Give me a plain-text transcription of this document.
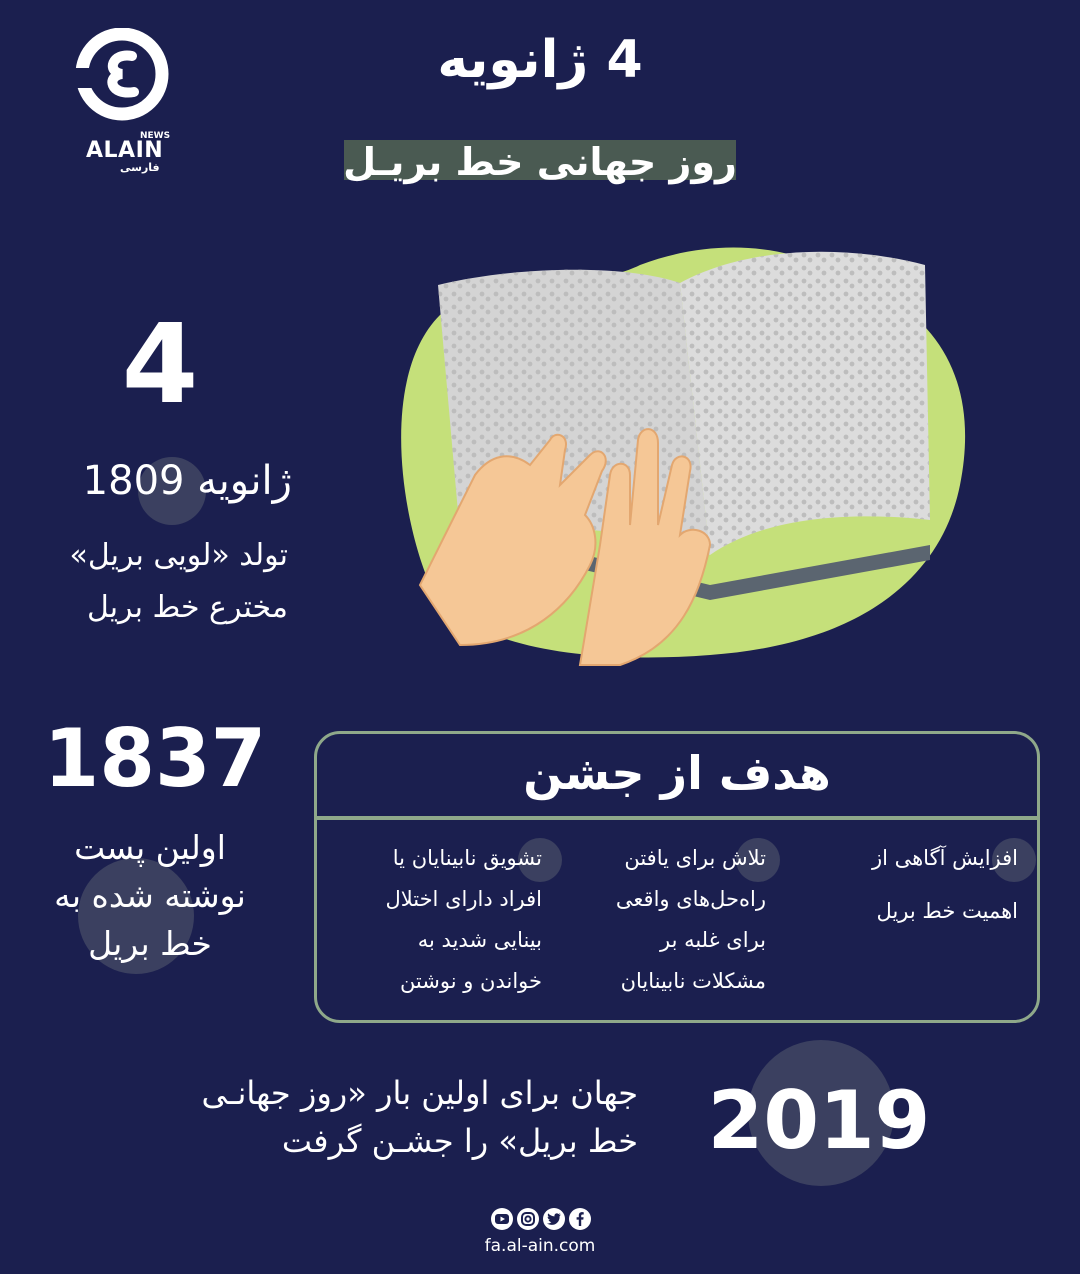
NEWS
ALAIN
فارسی
4 ژانویه
روز جهانی خط بریـل
4
ژانویه 1809
تولد «لویی بریل»
مخترع خط بریل
1837
اولین پست
نوشته شده به
خط بریل
هدف از جشن
افزایش آگاهی از
اهمیت خط بریل
تلاش برای یافتن
راه‌حل‌های واقعی
برای غلبه بر
مشکلات نابینایان
تشویق نابینایان یا
افراد دارای اختلال
بینایی شدید به
خواندن و نوشتن
جهان برای اولین بار «روز جهانـی
خط بریل» را جشـن گرفت 2019
fa.al-ain.com
